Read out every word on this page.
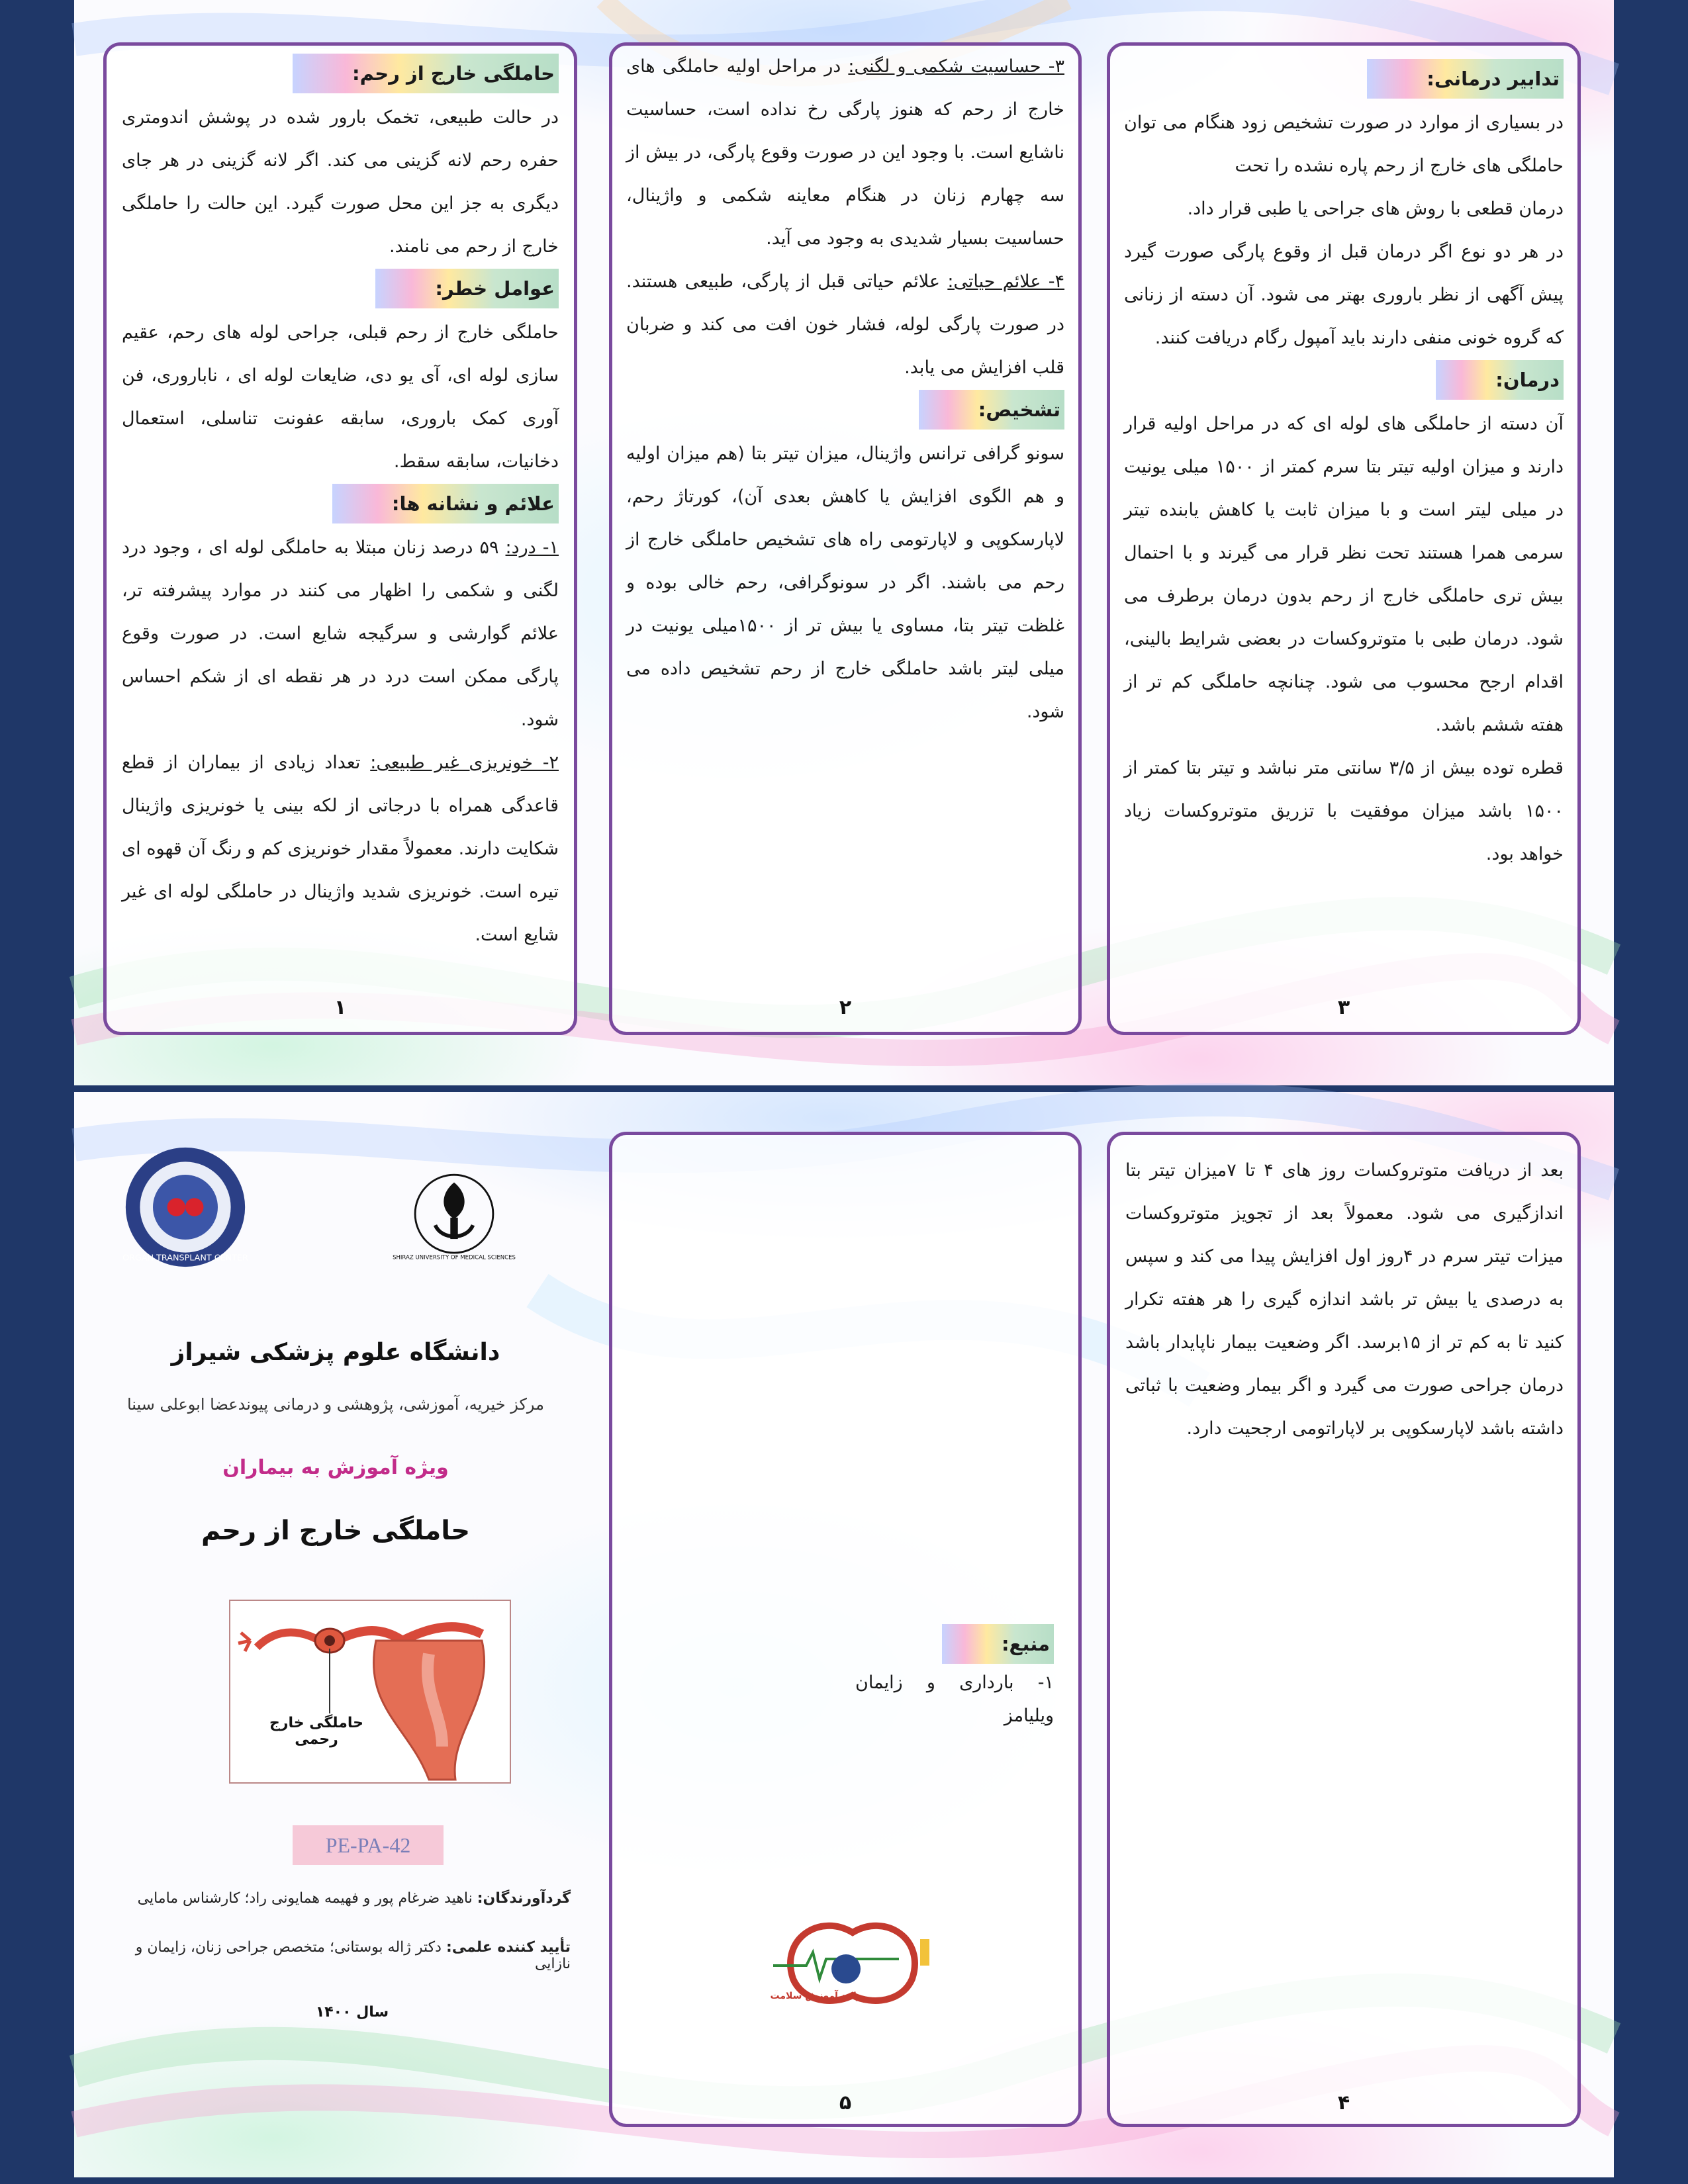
حاملگی خارج از رحم:

در حالت طبیعی، تخمک بارور شده در پوشش اندومتری حفره رحم لانه گزینی می کند. اگر لانه گزینی در هر جای دیگری به جز این محل صورت گیرد. این حالت را حاملگی خارج از رحم می نامند.

عوامل خطر:

حاملگی خارج از رحم قبلی، جراحی لوله های رحم، عقیم سازی لوله ای، آی یو دی، ضایعات لوله ای ، ناباروری، فن آوری کمک باروری، سابقه عفونت تناسلی، استعمال دخانیات، سابقه سقط.

علائم و نشانه ها:

۱- درد: ۵۹ درصد زنان مبتلا به حاملگی لوله ای ، وجود درد لگنی و شکمی را اظهار می کنند در موارد پیشرفته تر، علائم گوارشی و سرگیجه شایع است. در صورت وقوع پارگی ممکن است درد در هر نقطه ای از شکم احساس شود.

۲- خونریزی غیر طبیعی: تعداد زیادی از بیماران از قطع قاعدگی همراه با درجاتی از لکه بینی یا خونریزی واژینال شکایت دارند. معمولاً مقدار خونریزی کم و رنگ آن قهوه ای تیره است. خونریزی شدید واژینال در حاملگی لوله ای غیر شایع است.

۱

۳- حساسیت شکمی و لگنی: در مراحل اولیه حاملگی های خارج از رحم که هنوز پارگی رخ نداده است، حساسیت ناشایع است. با وجود این در صورت وقوع پارگی، در بیش از سه چهارم زنان در هنگام معاینه شکمی و واژینال، حساسیت بسیار شدیدی به وجود می آید.

۴- علائم حیاتی: علائم حیاتی قبل از پارگی، طبیعی هستند. در صورت پارگی لوله، فشار خون افت می کند و ضربان قلب افزایش می یابد.

تشخیص:

سونو گرافی ترانس واژینال، میزان تیتر بتا (هم میزان اولیه و هم الگوی افزایش یا کاهش بعدی آن)، کورتاژ رحم، لاپارسکوپی و لاپارتومی راه های تشخیص حاملگی خارج از رحم می باشند. اگر در سونوگرافی، رحم خالی بوده و غلظت تیتر بتا، مساوی یا بیش تر از ۱۵۰۰میلی یونیت در میلی لیتر باشد حاملگی خارج از رحم تشخیص داده می شود.

۲

تدابیر درمانی:

در بسیاری از موارد در صورت تشخیص زود هنگام می توان حاملگی های خارج از رحم پاره نشده را تحت

درمان قطعی با روش های جراحی یا طبی قرار داد.

در هر دو نوع اگر درمان قبل از وقوع پارگی صورت گیرد پیش آگهی از نظر باروری بهتر می شود. آن دسته از زنانی که گروه خونی منفی دارند باید آمپول رگام دریافت کنند.

درمان:

آن دسته از حاملگی های لوله ای که در مراحل اولیه قرار دارند و میزان اولیه تیتر بتا سرم کمتر از ۱۵۰۰ میلی یونیت در میلی لیتر است و با میزان ثابت یا کاهش یابنده تیتر سرمی همرا هستند تحت نظر قرار می گیرند و با احتمال بیش تری حاملگی خارج از رحم بدون درمان برطرف می شود. درمان طبی با متوتروکسات در بعضی شرایط بالینی، اقدام ارجح محسوب می شود. چنانچه حاملگی کم تر از هفته ششم باشد.

قطره توده بیش از ۳/۵ سانتی متر نباشد و تیتر بتا کمتر از ۱۵۰۰ باشد میزان موفقیت با تزریق متوتروکسات زیاد خواهد بود.

۳
ORGAN TRANSPLANT CENTER	SHIRAZ UNIVERSITY OF MEDICAL SCIENCES
دانشگاه علوم پزشکی شیراز
مرکز خیریه، آموزشی، پژوهشی و درمانی پیوندعضا ابوعلی سینا
ویژه آموزش به بیماران
حاملگی خارج از رحم
حاملگی خارج رحمی
PE-PA-42
گردآورندگان: ناهید ضرغام پور و فهیمه همایونی راد؛ کارشناس مامایی
تأیید کننده علمی: دکتر ژاله بوستانی؛ متخصص جراحی زنان، زایمان و نازایی
سال ۱۴۰۰

منبع:

۱- بارداری و زایمان ویلیامز

واحد آموزش سلامت
۵

بعد از دریافت متوتروکسات روز های ۴ تا ۷میزان تیتر بتا اندازگیری می شود. معمولاً بعد از تجویز متوتروکسات میزات تیتر سرم در ۴روز اول افزایش پیدا می کند و سپس به درصدی یا بیش تر باشد اندازه گیری را هر هفته تکرار کنید تا به کم تر از ۱۵برسد. اگر وضعیت بیمار ناپایدار باشد درمان جراحی صورت می گیرد و اگر بیمار وضعیت با ثباتی داشته باشد لاپارسکوپی بر لاپاراتومی ارجحیت دارد.

۴
